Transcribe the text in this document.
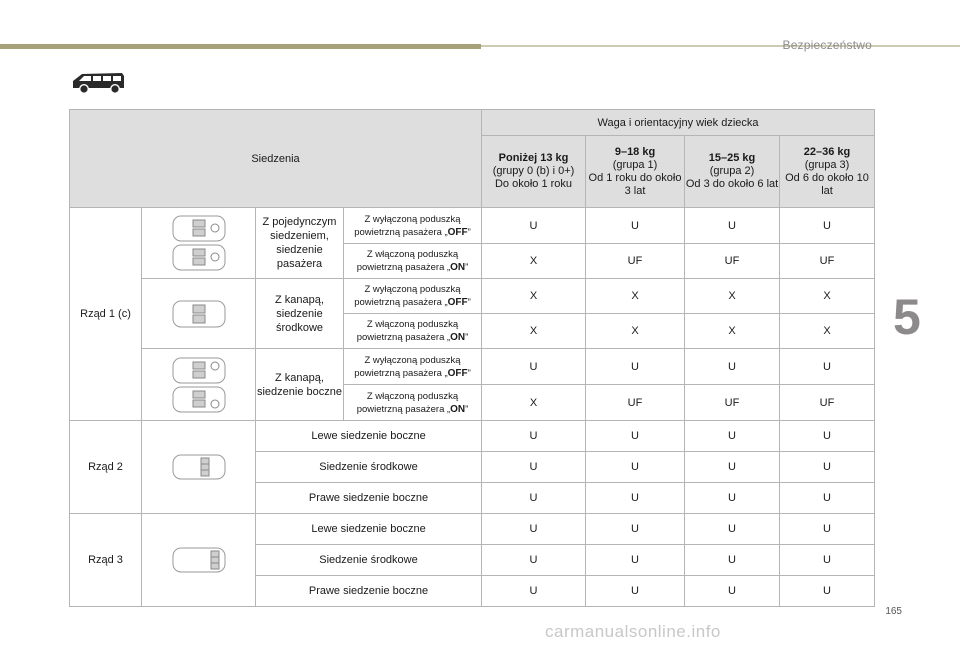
Bezpieczeństwo
Siedzenia				Waga i orientacyjny wiek dziecka			
				Poniżej 13 kg
(grupy 0 (b) i 0+)
Do około 1 roku	9–18 kg
(grupa 1)
Od 1 roku do około 3 lat	15–25 kg
(grupa 2)
Od 3 do około 6 lat	22–36 kg
(grupa 3)
Od 6 do około 10 lat
Rząd 1 (c)		Z pojedynczym siedzeniem, siedzenie pasażera	Z wyłączoną poduszką powietrzną pasażera „OFF”	U	U	U	U
			Z włączoną poduszką powietrzną pasażera „ON”	X	UF	UF	UF

	Z kanapą, siedzenie środkowe	Z wyłączoną poduszką powietrzną pasażera „OFF”	X	X	X	X
			Z włączoną poduszką powietrzną pasażera „ON”	X	X	X	X

	Z kanapą, siedzenie boczne	Z wyłączoną poduszką powietrzną pasażera „OFF”	U	U	U	U
			Z włączoną poduszką powietrzną pasażera „ON”	X	UF	UF	UF
Rząd 2		Lewe siedzenie boczne		U	U	U	U
		Siedzenie środkowe		U	U	U	U
		Prawe siedzenie boczne		U	U	U	U
Rząd 3		Lewe siedzenie boczne		U	U	U	U
		Siedzenie środkowe		U	U	U	U
		Prawe siedzenie boczne		U	U	U	U
5
165
carmanualsonline.info
